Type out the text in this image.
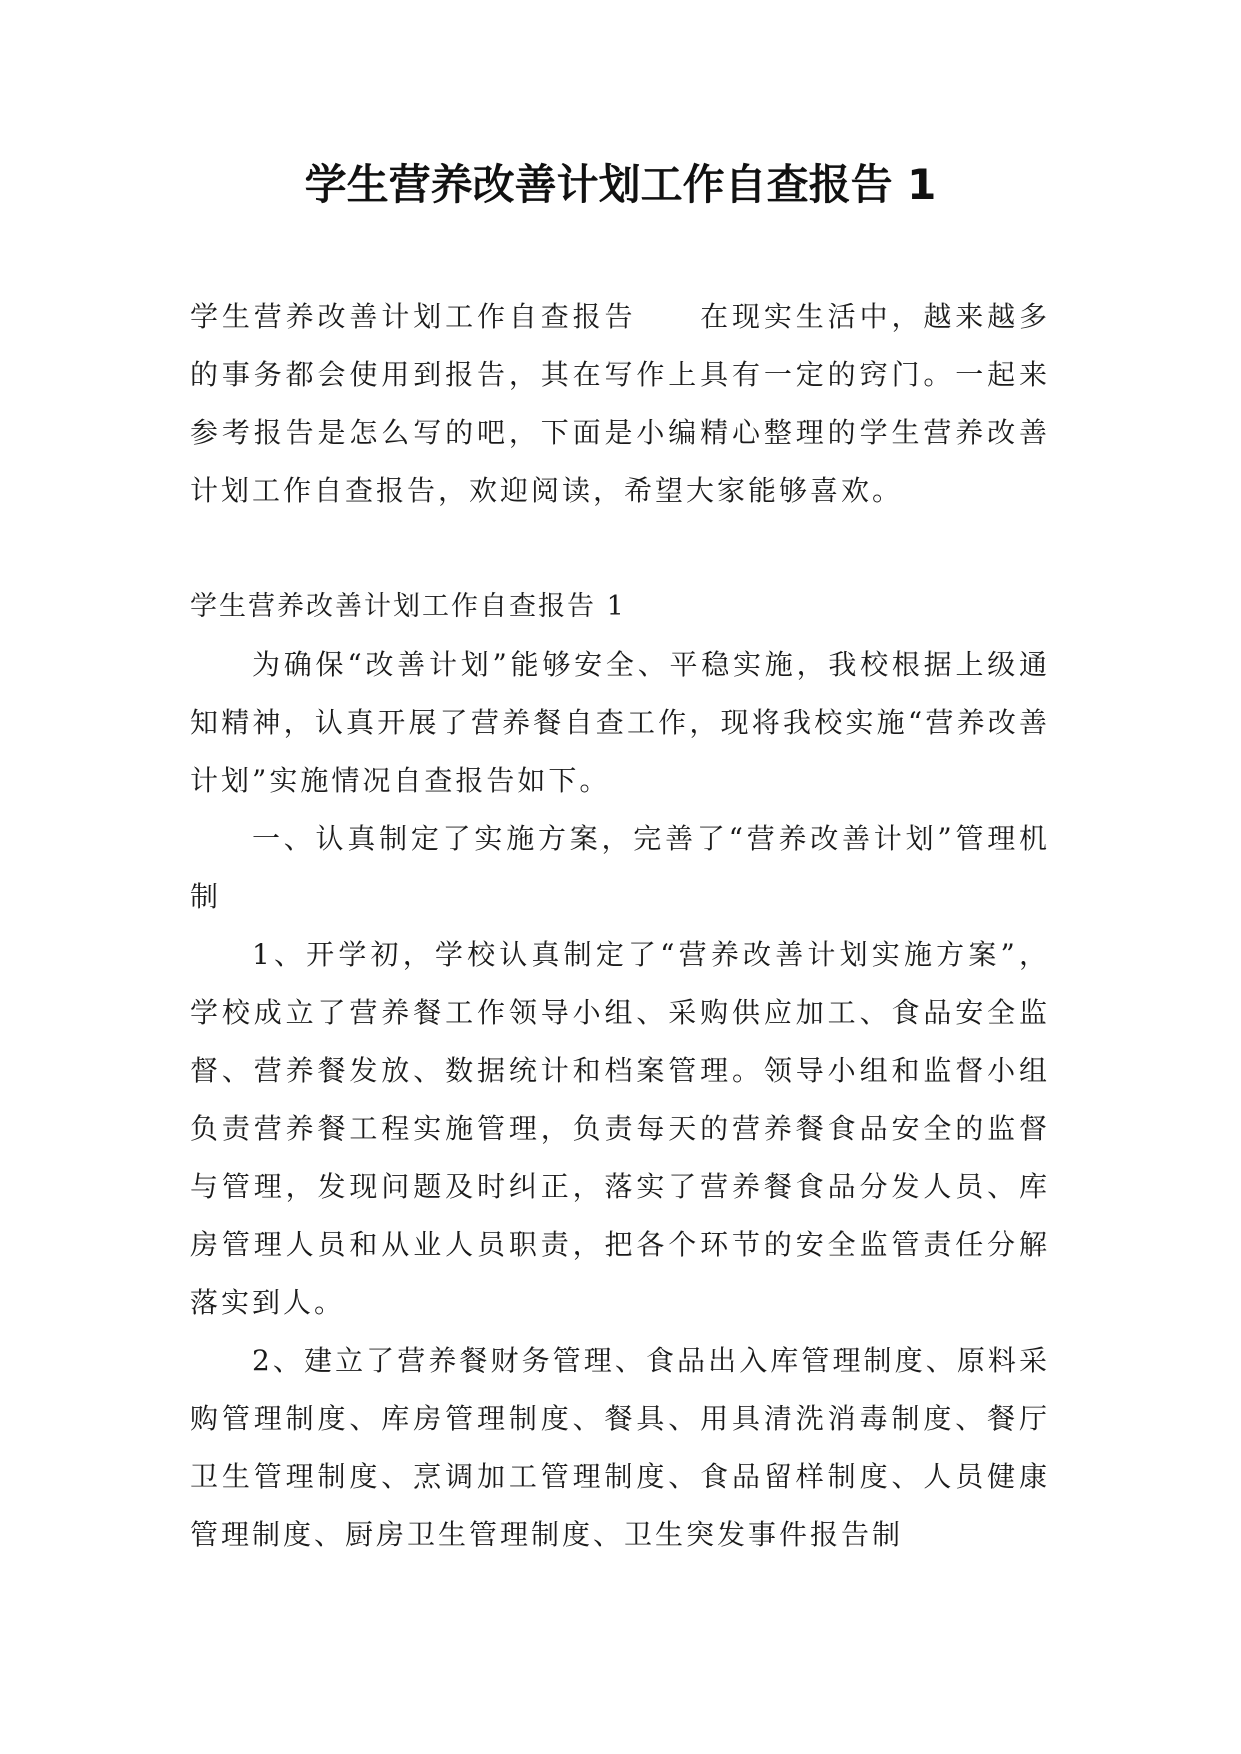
学生营养改善计划工作自查报告 1

学生营养改善计划工作自查报告　　在现实生活中，越来越多的事务都会使用到报告，其在写作上具有一定的窍门。一起来参考报告是怎么写的吧，下面是小编精心整理的学生营养改善计划工作自查报告，欢迎阅读，希望大家能够喜欢。

学生营养改善计划工作自查报告 1

为确保“改善计划”能够安全、平稳实施，我校根据上级通知精神，认真开展了营养餐自查工作，现将我校实施“营养改善计划”实施情况自查报告如下。

一、认真制定了实施方案，完善了“营养改善计划”管理机制

1、开学初，学校认真制定了“营养改善计划实施方案”，学校成立了营养餐工作领导小组、采购供应加工、食品安全监督、营养餐发放、数据统计和档案管理。领导小组和监督小组负责营养餐工程实施管理，负责每天的营养餐食品安全的监督与管理，发现问题及时纠正，落实了营养餐食品分发人员、库房管理人员和从业人员职责，把各个环节的安全监管责任分解落实到人。

2、建立了营养餐财务管理、食品出入库管理制度、原料采购管理制度、库房管理制度、餐具、用具清洗消毒制度、餐厅卫生管理制度、烹调加工管理制度、食品留样制度、人员健康管理制度、厨房卫生管理制度、卫生突发事件报告制
